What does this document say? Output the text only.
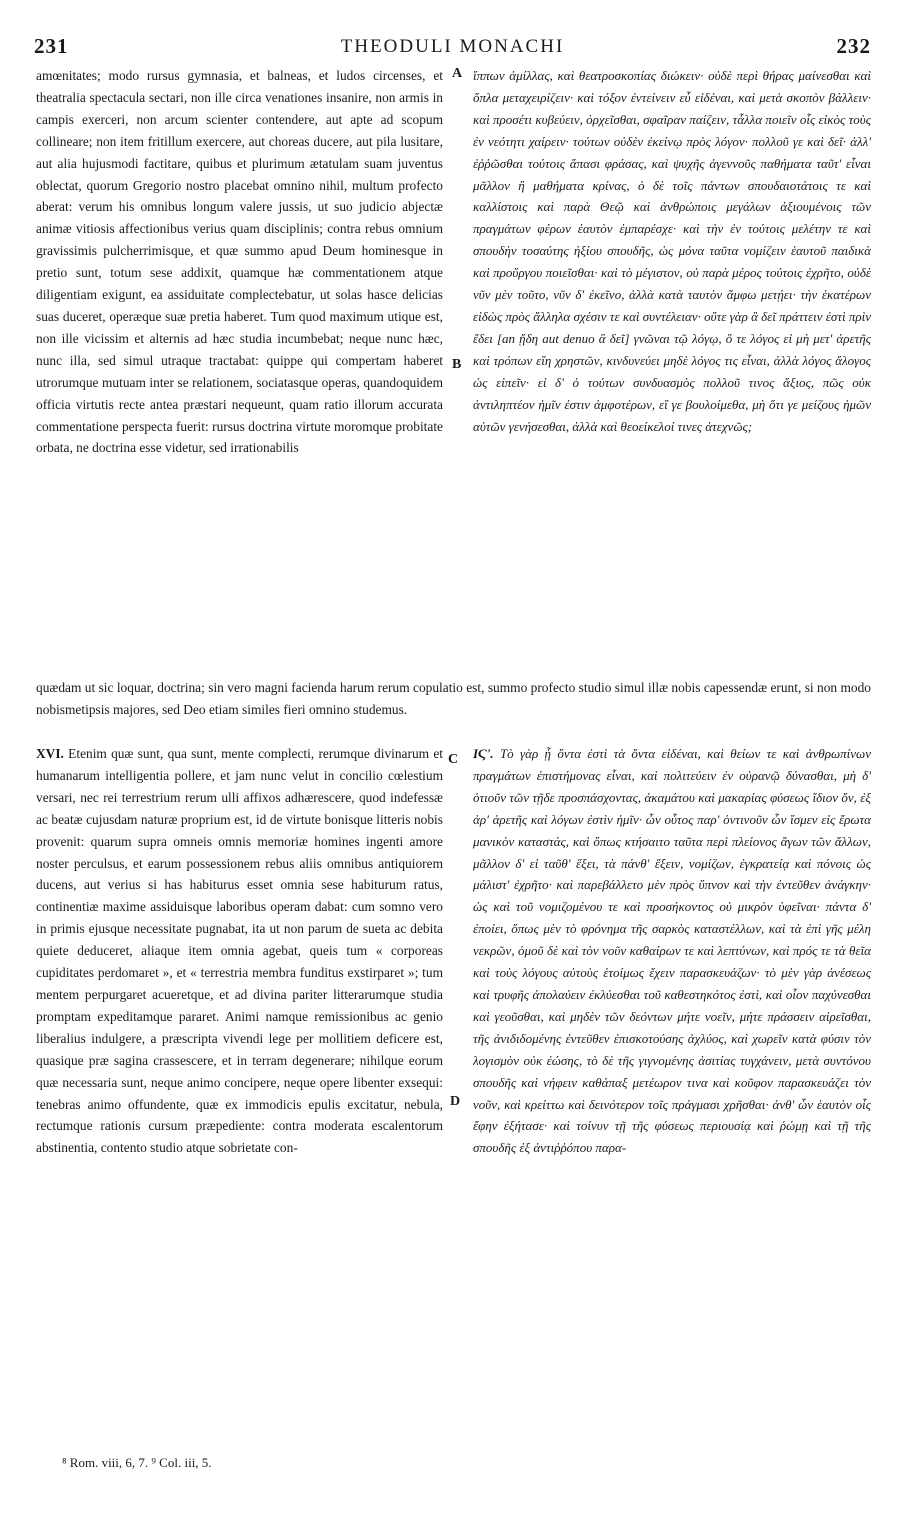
231	THEODULI MONACHI	232
A
B
C
D

amœnitates; modo rursus gymnasia, et balneas, et ludos circenses, et theatralia spectacula sectari, non ille circa venationes insanire, non armis in campis exerceri, non arcum scienter contendere, aut apte ad scopum collineare; non item fritillum exercere, aut choreas ducere, aut pila lusitare, aut alia hujusmodi factitare, quibus et plurimum ætatulam suam juventus oblectat, quorum Gregorio nostro placebat omnino nihil, multum profecto aberat: verum his omnibus longum valere jussis, ut suo judicio abjectæ animæ vitiosis affectionibus verius quam disciplinis; contra rebus omnium gravissimis pulcherrimisque, et quæ summo apud Deum hominesque in pretio sunt, totum sese addixit, quamque hæ commentationem atque diligentiam exigunt, ea assiduitate complectebatur, ut solas hasce delicias suas duceret, operæque suæ pretia haberet. Tum quod maximum utique est, non ille vicissim et alternis ad hæc studia incumbebat; neque nunc hæc, nunc illa, sed simul utraque tractabat: quippe qui compertam haberet utrorumque mutuam inter se relationem, sociatasque operas, quandoquidem officia virtutis recte antea præstari nequeunt, quam ratio illorum accurata commentatione perspecta fuerit: rursus doctrina virtute moromque probitate orbata, ne doctrina esse videtur, sed irrationabilis

ἵππων ἁμίλλας, καὶ θεατροσκοπίας διώκειν· οὐδὲ περὶ θήρας μαίνεσθαι καὶ ὅπλα μεταχειρίζειν· καὶ τόξον ἐντείνειν εὖ εἰδέναι, καὶ μετὰ σκοπὸν βάλλειν· καὶ προσέτι κυβεύειν, ὀρχεῖσθαι, σφαῖραν παίζειν, τἆλλα ποιεῖν οἷς εἰκὸς τοὺς ἐν νεότητι χαίρειν· τούτων οὐδὲν ἐκείνῳ πρὸς λόγον· πολλοῦ γε καὶ δεῖ· ἀλλ' ἐῤῥῶσθαι τούτοις ἅπασι φράσας, καὶ ψυχῆς ἀγεννοῦς παθήματα ταῦτ' εἶναι μᾶλλον ἢ μαθήματα κρίνας, ὁ δὲ τοῖς πάντων σπουδαιοτάτοις τε καὶ καλλίστοις καὶ παρὰ Θεῷ καὶ ἀνθρώποις μεγάλων ἀξιουμένοις τῶν πραγμάτων φέρων ἑαυτὸν ἐμπαρέσχε· καὶ τὴν ἐν τούτοις μελέτην τε καὶ σπουδὴν τοσαύτης ἠξίου σπουδῆς, ὡς μόνα ταῦτα νομίζειν ἑαυτοῦ παιδικὰ καὶ προὔργου ποιεῖσθαι· καὶ τὸ μέγιστον, οὐ παρὰ μέρος τούτοις ἐχρῆτο, οὐδὲ νῦν μὲν τοῦτο, νῦν δ' ἐκεῖνο, ἀλλὰ κατὰ ταυτὸν ἄμφω μετῄει· τὴν ἑκατέρων εἰδὼς πρὸς ἄλληλα σχέσιν τε καὶ συντέλειαν· οὔτε γὰρ ἃ δεῖ πράττειν ἐστὶ πρὶν ἔδει [an ᾔδη aut denuo ἃ δεῖ] γνῶναι τῷ λόγῳ, ὅ τε λόγος εἰ μὴ μετ' ἀρετῆς καὶ τρόπων εἴη χρηστῶν, κινδυνεύει μηδὲ λόγος τις εἶναι, ἀλλὰ λόγος ἄλογος ὡς εἰπεῖν· εἰ δ' ὁ τούτων συνδυασμὸς πολλοῦ τινος ἄξιος, πῶς οὐκ ἀντιληπτέον ἡμῖν ἐστιν ἀμφοτέρων, εἴ γε βουλοίμεθα, μὴ ὅτι γε μείζους ἡμῶν αὐτῶν γενήσεσθαι, ἀλλὰ καὶ θεοείκελοί τινες ἀτεχνῶς;

quædam ut sic loquar, doctrina; sin vero magni facienda harum rerum copulatio est, summo profecto studio simul illæ nobis capessendæ erunt, si non modo nobismetipsis majores, sed Deo etiam similes fieri omnino studemus.

XVI. Etenim quæ sunt, qua sunt, mente complecti, rerumque divinarum et humanarum intelligentia pollere, et jam nunc velut in concilio cœlestium versari, nec rei terrestrium rerum ulli affixos adhærescere, quod indefessæ ac beatæ cujusdam naturæ proprium est, id de virtute bonisque litteris nobis provenit: quarum supra omneis omnis memoriæ homines ingenti amore noster perculsus, et earum possessionem rebus aliis omnibus antiquiorem ducens, aut verius si has habiturus esset omnia sese habiturum ratus, continentiæ maxime assiduisque laboribus operam dabat: cum somno vero in primis ejusque necessitate pugnabat, ita ut non parum de sueta ac debita quiete deduceret, aliaque item omnia agebat, queis tum « corporeas cupiditates perdomaret », et « terrestria membra funditus exstirparet »; tum mentem perpurgaret acueretque, et ad divina pariter litterarumque studia promptam expeditamque pararet. Animi namque remissionibus ac genio liberalius indulgere, a præscripta vivendi lege per mollitiem deficere est, quasique præ sagina crassescere, et in terram degenerare; nihilque eorum quæ necessaria sunt, neque animo concipere, neque opere libenter exsequi: tenebras animo offundente, quæ ex immodicis epulis excitatur, nebula, rectumque rationis cursum præpediente: contra moderata escalentorum abstinentia, contento studio atque sobrietate con-

ΙϚʹ. Τὸ γὰρ ᾗ ὄντα ἐστὶ τὰ ὄντα εἰδέναι, καὶ θείων τε καὶ ἀνθρωπίνων πραγμάτων ἐπιστήμονας εἶναι, καὶ πολιτεύειν ἐν οὐρανῷ δύνασθαι, μὴ δ' ὁτιοῦν τῶν τῇδε προσπάσχοντας, ἀκαμάτου καὶ μακαρίας φύσεως ἴδιον ὄν, ἐξ ἀρ' ἀρετῆς καὶ λόγων ἐστὶν ἡμῖν· ὧν οὗτος παρ' ὁντινοῦν ὧν ἴσμεν εἰς ἔρωτα μανικὸν καταστάς, καὶ ὅπως κτήσαιτο ταῦτα περὶ πλείονος ἄγων τῶν ἄλλων, μᾶλλον δ' εἰ ταῦθ' ἕξει, τὰ πάνθ' ἕξειν, νομίζων, ἐγκρατείᾳ καὶ πόνοις ὡς μάλιστ' ἐχρῆτο· καὶ παρεβάλλετο μὲν πρὸς ὕπνον καὶ τὴν ἐντεῦθεν ἀνάγκην· ὡς καὶ τοῦ νομιζομένου τε καὶ προσήκοντος οὐ μικρὸν ὑφεῖναι· πάντα δ' ἐποίει, ὅπως μὲν τὸ φρόνημα τῆς σαρκὸς καταστέλλων, καὶ τὰ ἐπὶ γῆς μέλη νεκρῶν, ὁμοῦ δὲ καὶ τὸν νοῦν καθαίρων τε καὶ λεπτύνων, καὶ πρός τε τὰ θεῖα καὶ τοὺς λόγους αὐτοὺς ἑτοίμως ἔχειν παρασκευάζων· τὸ μὲν γὰρ ἀνέσεως καὶ τρυφῆς ἀπολαύειν ἐκλύεσθαι τοῦ καθεστηκότος ἐστὶ, καὶ οἷον παχύνεσθαι καὶ γεοῦσθαι, καὶ μηδὲν τῶν δεόντων μήτε νοεῖν, μήτε πράσσειν αἱρεῖσθαι, τῆς ἀνιδιδομένης ἐντεῦθεν ἐπισκοτούσης ἀχλύος, καὶ χωρεῖν κατὰ φύσιν τὸν λογισμὸν οὐκ ἐώσης, τὸ δὲ τῆς γιγνομένης ἀσιτίας τυγχάνειν, μετὰ συντόνου σπουδῆς καὶ νήφειν καθάπαξ μετέωρον τινα καὶ κοῦφον παρασκευάζει τὸν νοῦν, καὶ κρείττω καὶ δεινότερον τοῖς πράγμασι χρῆσθαι· ἀνθ' ὧν ἑαυτὸν οἷς ἔφην ἐξήτασε· καὶ τοίνυν τῇ τῆς φύσεως περιουσίᾳ καὶ ῥώμῃ καὶ τῇ τῆς σπουδῆς ἐξ ἀντιῤῥόπου παρα-

⁸ Rom. viii, 6, 7. ⁹ Col. iii, 5.
